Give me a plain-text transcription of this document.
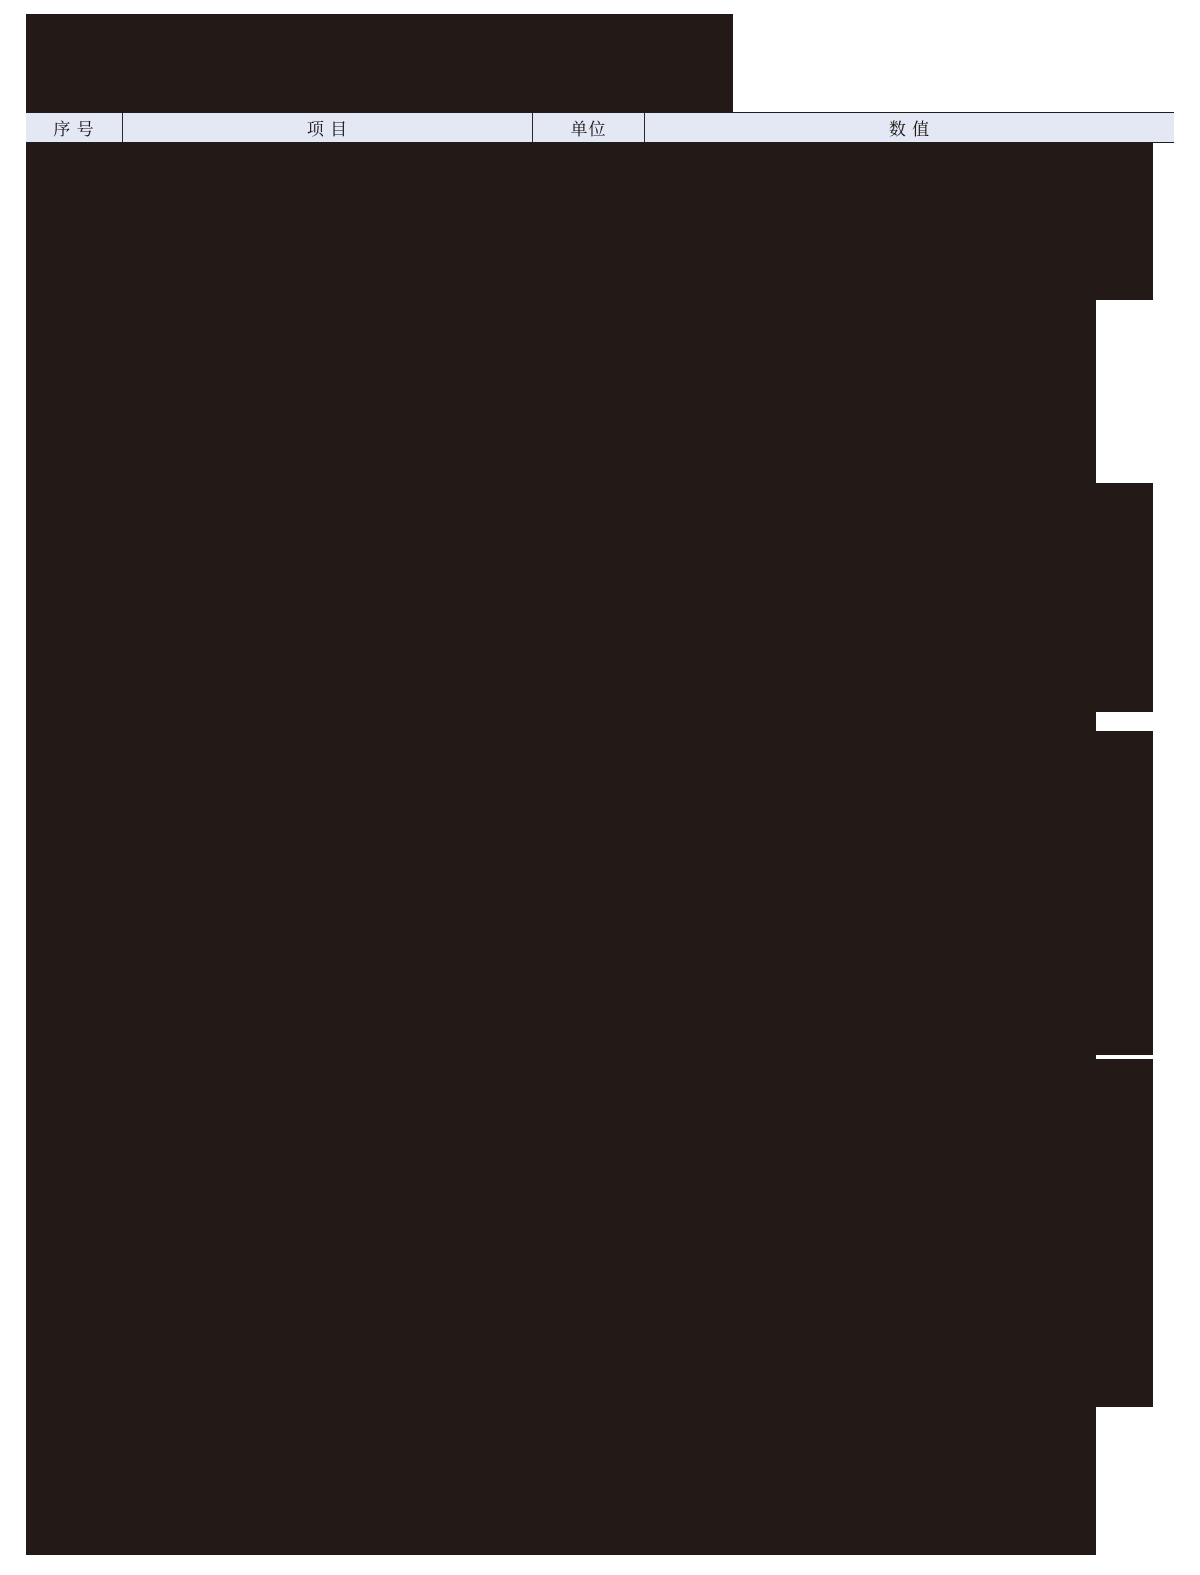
序 号	项 目	单位	数 值
